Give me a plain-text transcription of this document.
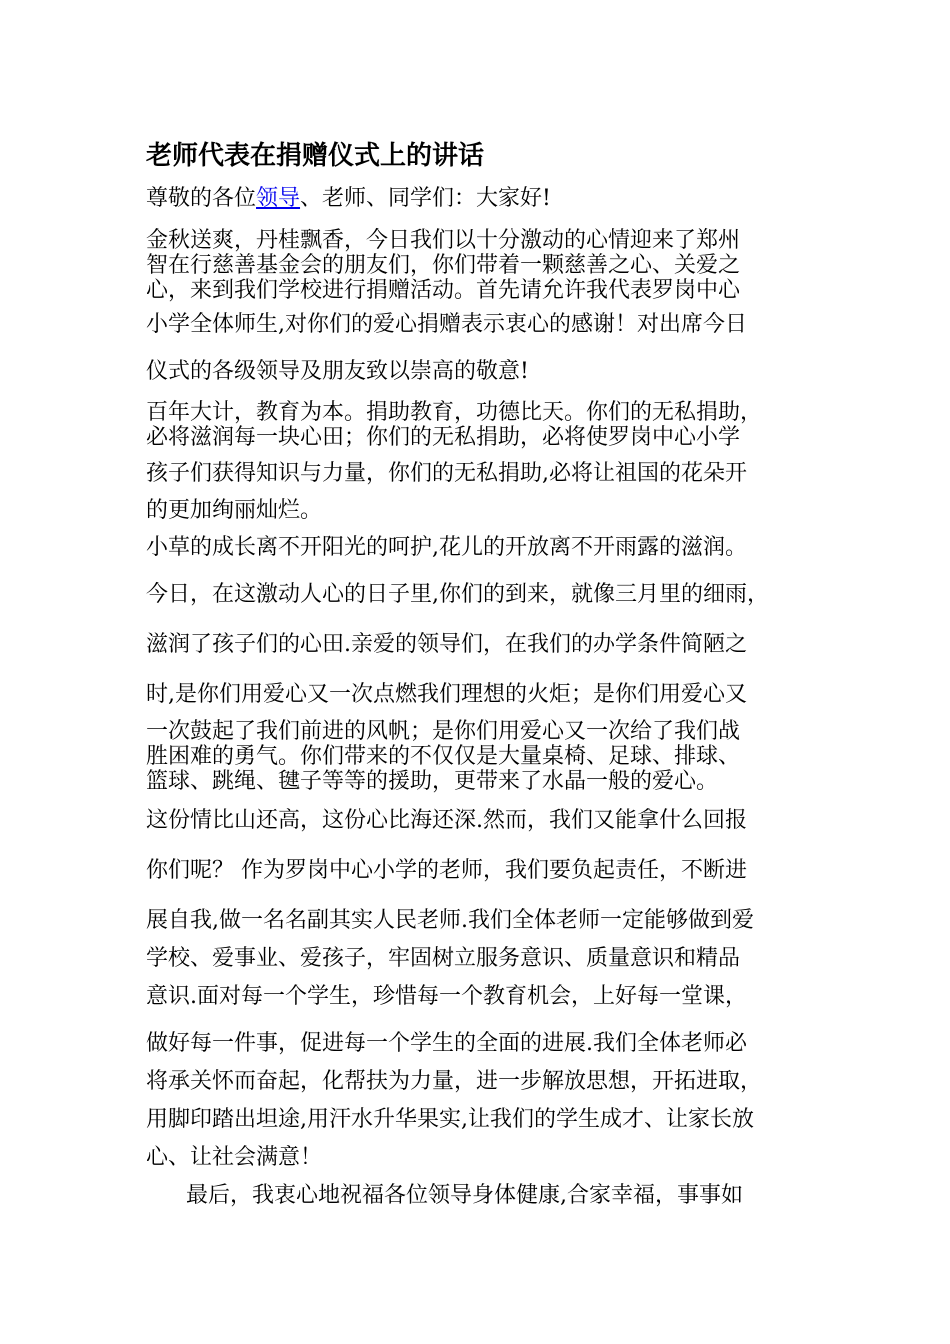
老师代表在捐赠仪式上的讲话
尊敬的各位领导、老师、同学们：大家好!
金秋送爽，丹桂飘香，今日我们以十分激动的心情迎来了郑州
智在行慈善基金会的朋友们，你们带着一颗慈善之心、关爱之
心，来到我们学校进行捐赠活动。首先请允许我代表罗岗中心
小学全体师生,对你们的爱心捐赠表示衷心的感谢！对出席今日
仪式的各级领导及朋友致以崇高的敬意!
百年大计，教育为本。捐助教育，功德比天。你们的无私捐助，
必将滋润每一块心田；你们的无私捐助，必将使罗岗中心小学
孩子们获得知识与力量，你们的无私捐助,必将让祖国的花朵开
的更加绚丽灿烂。
小草的成长离不开阳光的呵护,花儿的开放离不开雨露的滋润。
今日，在这激动人心的日子里,你们的到来，就像三月里的细雨，
滋润了孩子们的心田.亲爱的领导们，在我们的办学条件简陋之
时,是你们用爱心又一次点燃我们理想的火炬；是你们用爱心又
一次鼓起了我们前进的风帆；是你们用爱心又一次给了我们战
胜困难的勇气。你们带来的不仅仅是大量桌椅、足球、排球、
篮球、跳绳、毽子等等的援助，更带来了水晶一般的爱心。
这份情比山还高，这份心比海还深.然而，我们又能拿什么回报
你们呢？ 作为罗岗中心小学的老师，我们要负起责任，不断进
展自我,做一名名副其实人民老师.我们全体老师一定能够做到爱
学校、爱事业、爱孩子，牢固树立服务意识、质量意识和精品
意识.面对每一个学生，珍惜每一个教育机会，上好每一堂课，
做好每一件事，促进每一个学生的全面的进展.我们全体老师必
将承关怀而奋起，化帮扶为力量，进一步解放思想，开拓进取，
用脚印踏出坦途,用汗水升华果实,让我们的学生成才、让家长放
心、让社会满意！
最后，我衷心地祝福各位领导身体健康,合家幸福，事事如
